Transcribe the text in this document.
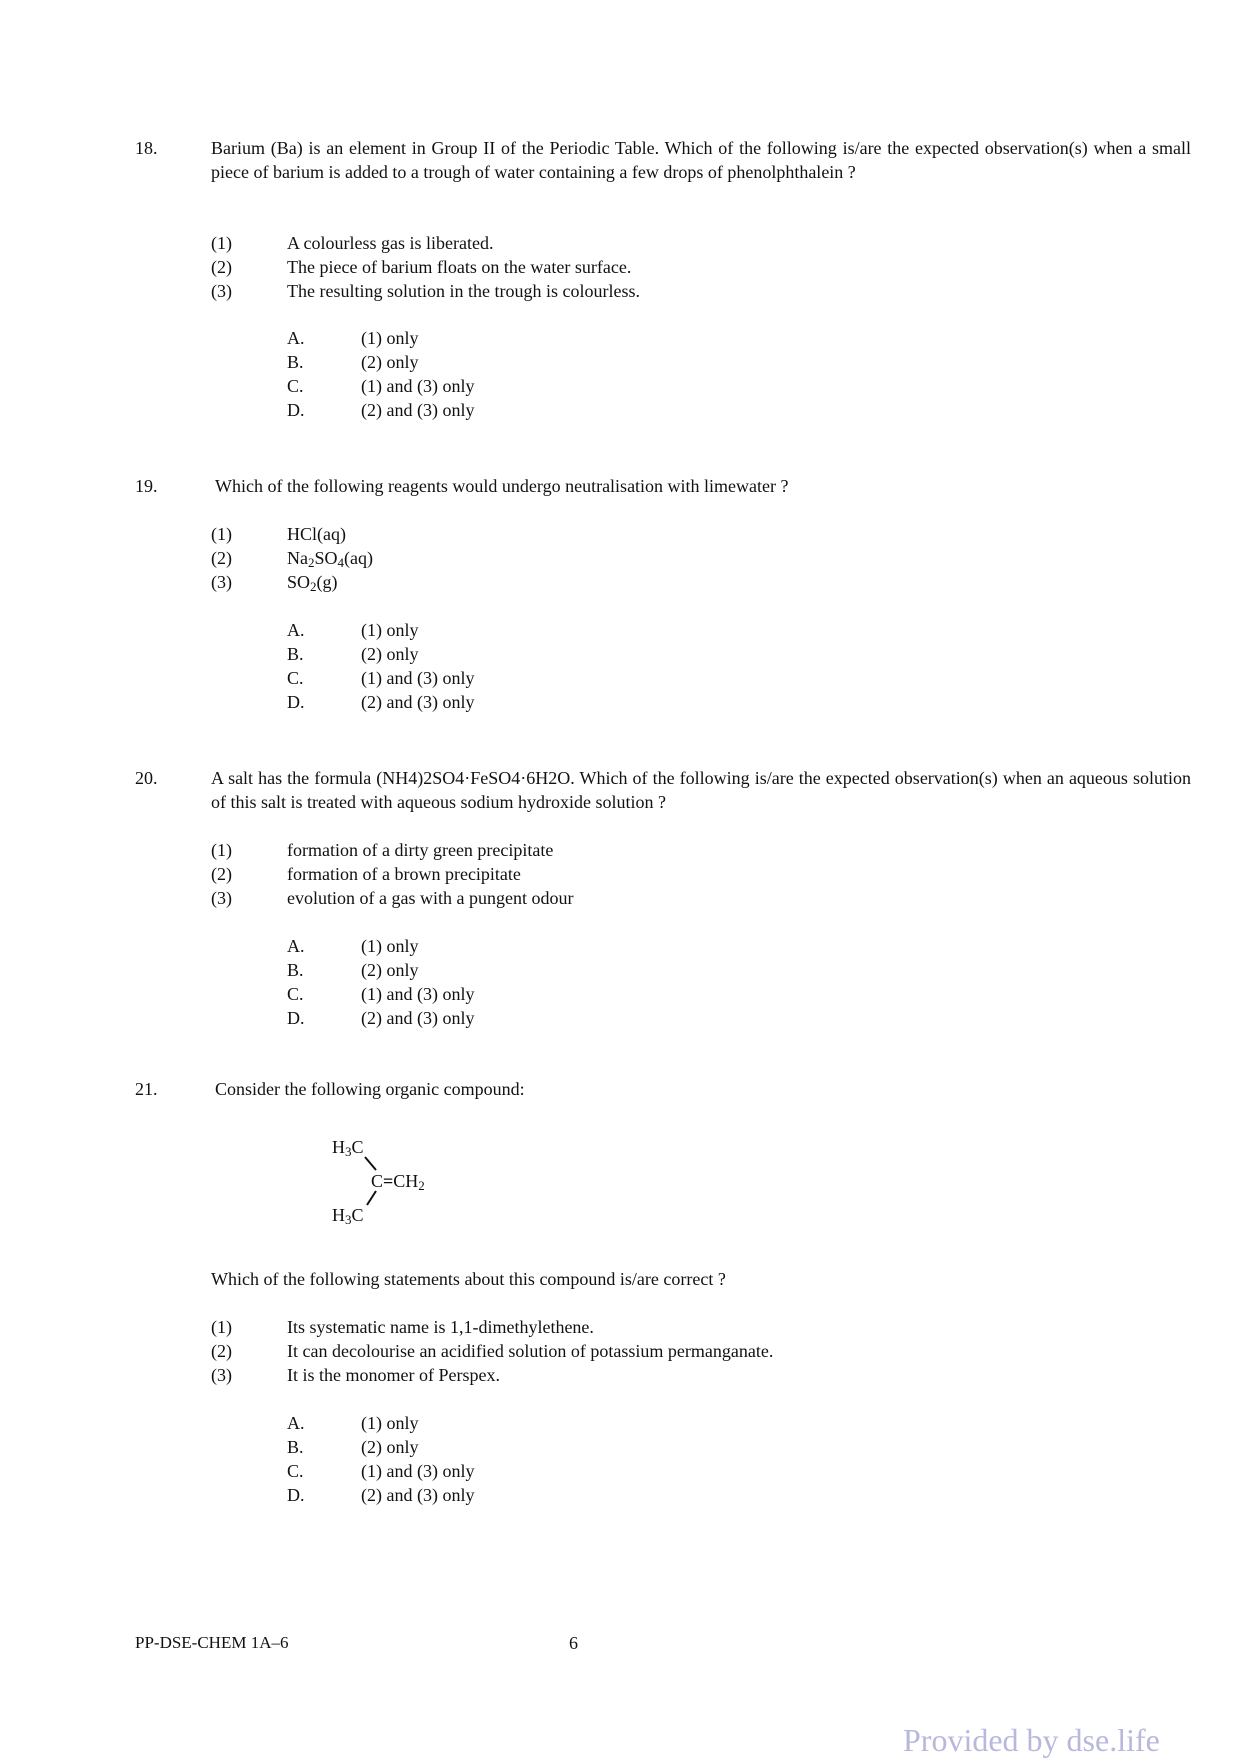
18.	Barium (Ba) is an element in Group II of the Periodic Table. Which of the following is/are the expected observation(s) when a small piece of barium is added to a trough of water containing a few drops of phenolphthalein ?
(1)	A colourless gas is liberated.
(2)	The piece of barium floats on the water surface.
(3)	The resulting solution in the trough is colourless.
A.	(1) only
B.	(2) only
C.	(1) and (3) only
D.	(2) and (3) only
19.	Which of the following reagents would undergo neutralisation with limewater ?
(1)	HCl(aq)
(2)	$Na_2SO_4(aq)$
(3)	$SO_2(g)$
A.	(1) only
B.	(2) only
C.	(1) and (3) only
D.	(2) and (3) only
20.	A salt has the formula (NH4)2SO4·FeSO4·6H2O. Which of the following is/are the expected observation(s) when an aqueous solution of this salt is treated with aqueous sodium hydroxide solution ?
(1)	formation of a dirty green precipitate
(2)	formation of a brown precipitate
(3)	evolution of a gas with a pungent odour
A.	(1) only
B.	(2) only
C.	(1) and (3) only
D.	(2) and (3) only
21.	Consider the following organic compound:
Which of the following statements about this compound is/are correct ?
(1)	Its systematic name is 1,1-dimethylethene.
(2)	It can decolourise an acidified solution of potassium permanganate.
(3)	It is the monomer of Perspex.
A.	(1) only
B.	(2) only
C.	(1) and (3) only
D.	(2) and (3) only
$H_3C$
$C=CH_2$
$H_3C$
PP-DSE-CHEM 1A–6	6
Provided by dse.life
